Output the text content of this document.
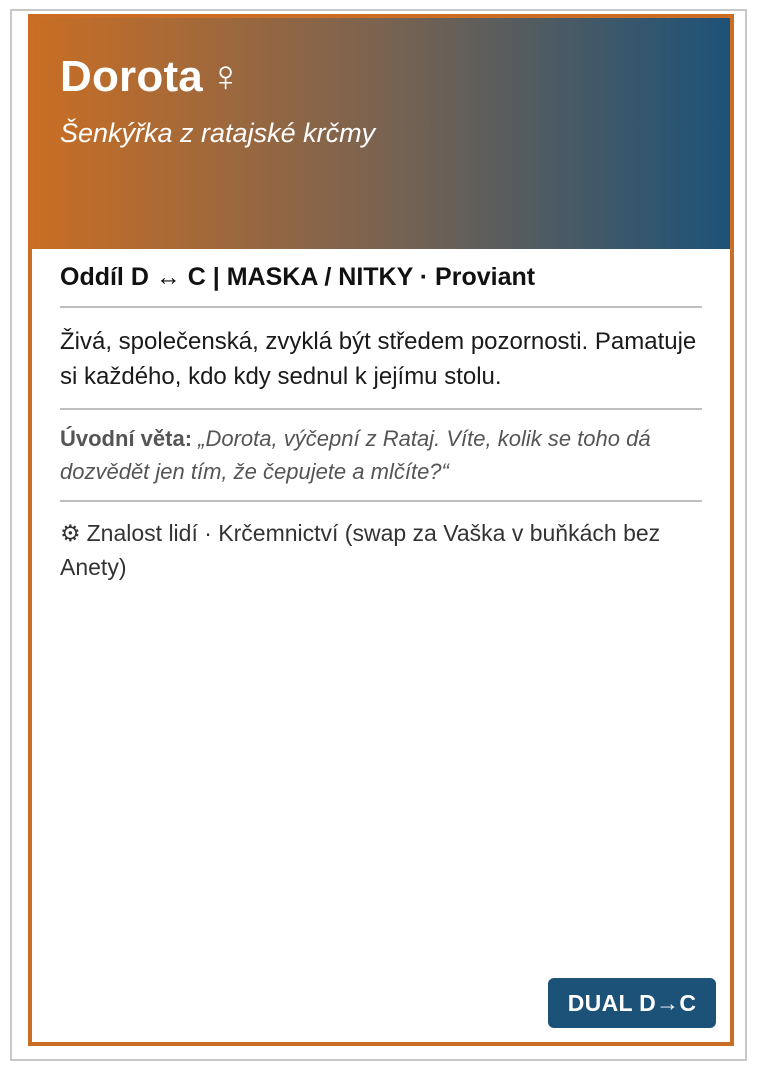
Dorota ♀
Šenkýřka z ratajské krčmy
Oddíl D ↔ C | MASKA / NITKY · Proviant
Živá, společenská, zvyklá být středem pozornosti. Pamatuje si každého, kdo kdy sednul k jejímu stolu.
Úvodní věta: „Dorota, výčepní z Rataj. Víte, kolik se toho dá dozvědět jen tím, že čepujete a mlčíte?“
⚙ Znalost lidí · Krčemnictví (swap za Vaška v buňkách bez Anety)
DUAL D→C
